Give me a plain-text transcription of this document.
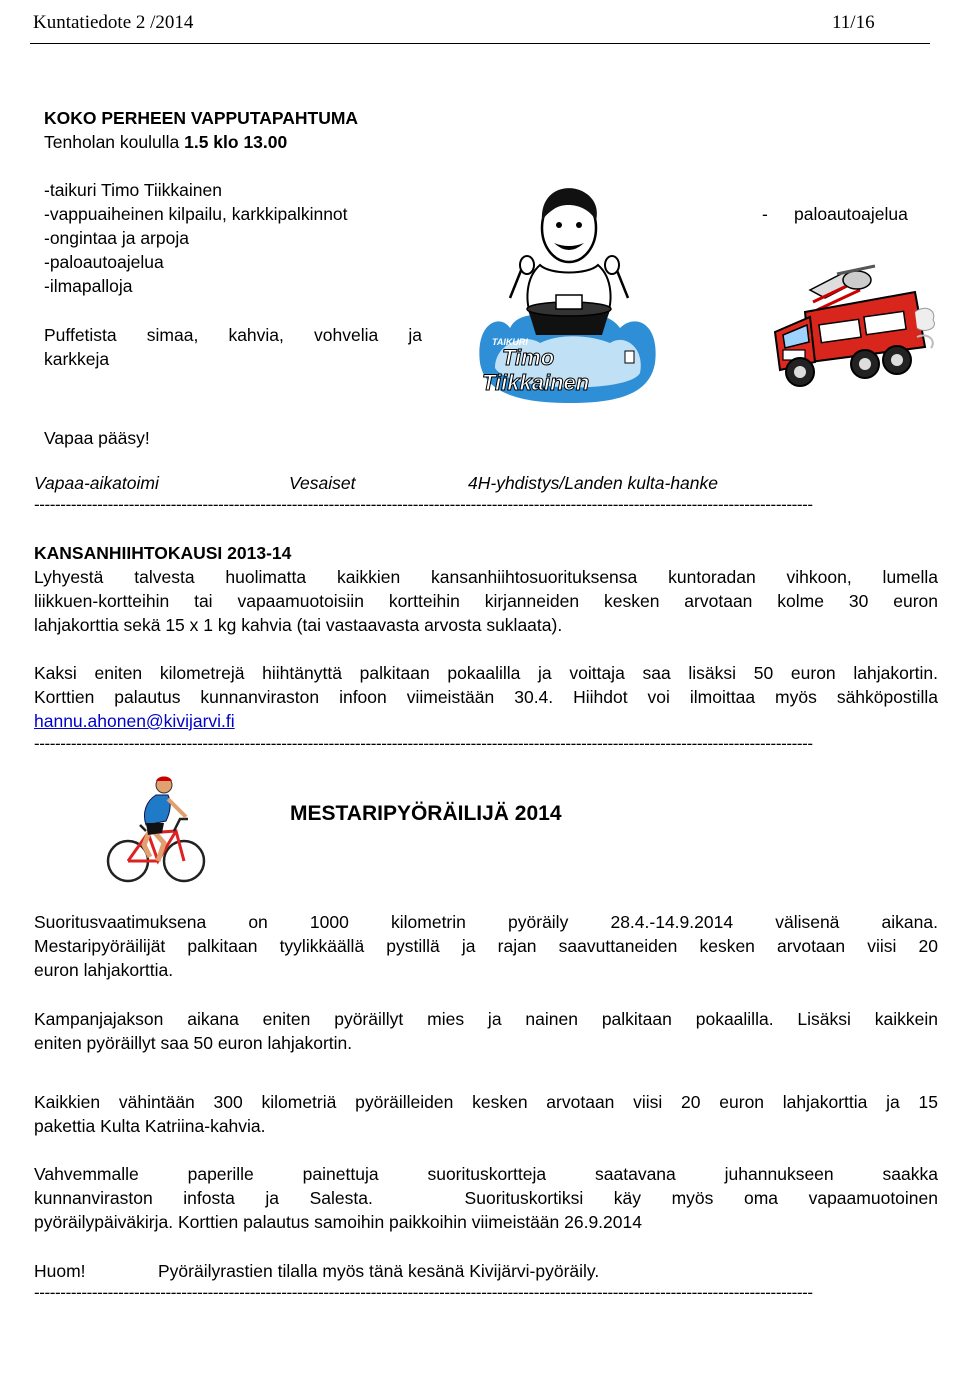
Kuntatiedote 2 /2014	11/16
KOKO PERHEEN VAPPUTAPAHTUMA
Tenholan koululla 1.5 klo 13.00
-taikuri Timo Tiikkainen
-vappuaiheinen kilpailu, karkkipalkinnot
-ongintaa ja arpoja
-paloautoajelua
-ilmapalloja
Puffetista simaa, kahvia, vohvelia ja
karkkeja
Vapaa pääsy!
- paloautoajelua
TAIKURI
Timo
Tiikkainen
Vapaa-aikatoimi	Vesaiset	4H-yhdistys/Landen kulta-hanke
----------------------------------------------------------------------------------------------------------------------------------------------------
KANSANHIIHTOKAUSI 2013-14
Lyhyestä talvesta huolimatta kaikkien kansanhiihtosuorituksensa kuntoradan vihkoon, lumella
liikkuen-kortteihin tai vapaamuotoisiin kortteihin kirjanneiden kesken arvotaan kolme 30 euron
lahjakorttia sekä 15 x 1 kg kahvia (tai vastaavasta arvosta suklaata).
Kaksi eniten kilometrejä hiihtänyttä palkitaan pokaalilla ja voittaja saa lisäksi 50 euron lahjakortin.
Korttien palautus kunnanviraston infoon viimeistään 30.4. Hiihdot voi ilmoittaa myös sähköpostilla
hannu.ahonen@kivijarvi.fi
----------------------------------------------------------------------------------------------------------------------------------------------------
MESTARIPYÖRÄILIJÄ 2014
Suoritusvaatimuksena on 1000 kilometrin pyöräily 28.4.-14.9.2014 välisenä aikana.
Mestaripyöräilijät palkitaan tyylikkäällä pystillä ja rajan saavuttaneiden kesken arvotaan viisi 20
euron lahjakorttia.
Kampanjajakson aikana eniten pyöräillyt mies ja nainen palkitaan pokaalilla. Lisäksi kaikkein
eniten pyöräillyt saa 50 euron lahjakortin.
Kaikkien vähintään 300 kilometriä pyöräilleiden kesken arvotaan viisi 20 euron lahjakorttia ja 15
pakettia Kulta Katriina-kahvia.
Vahvemmalle paperille painettuja suorituskortteja saatavana juhannukseen saakka
kunnanviraston infosta ja Salesta.   Suorituskortiksi käy myös oma vapaamuotoinen
pyöräilypäiväkirja. Korttien palautus samoihin paikkoihin viimeistään 26.9.2014
Huom!	Pyöräilyrastien tilalla myös tänä kesänä Kivijärvi-pyöräily.
----------------------------------------------------------------------------------------------------------------------------------------------------
